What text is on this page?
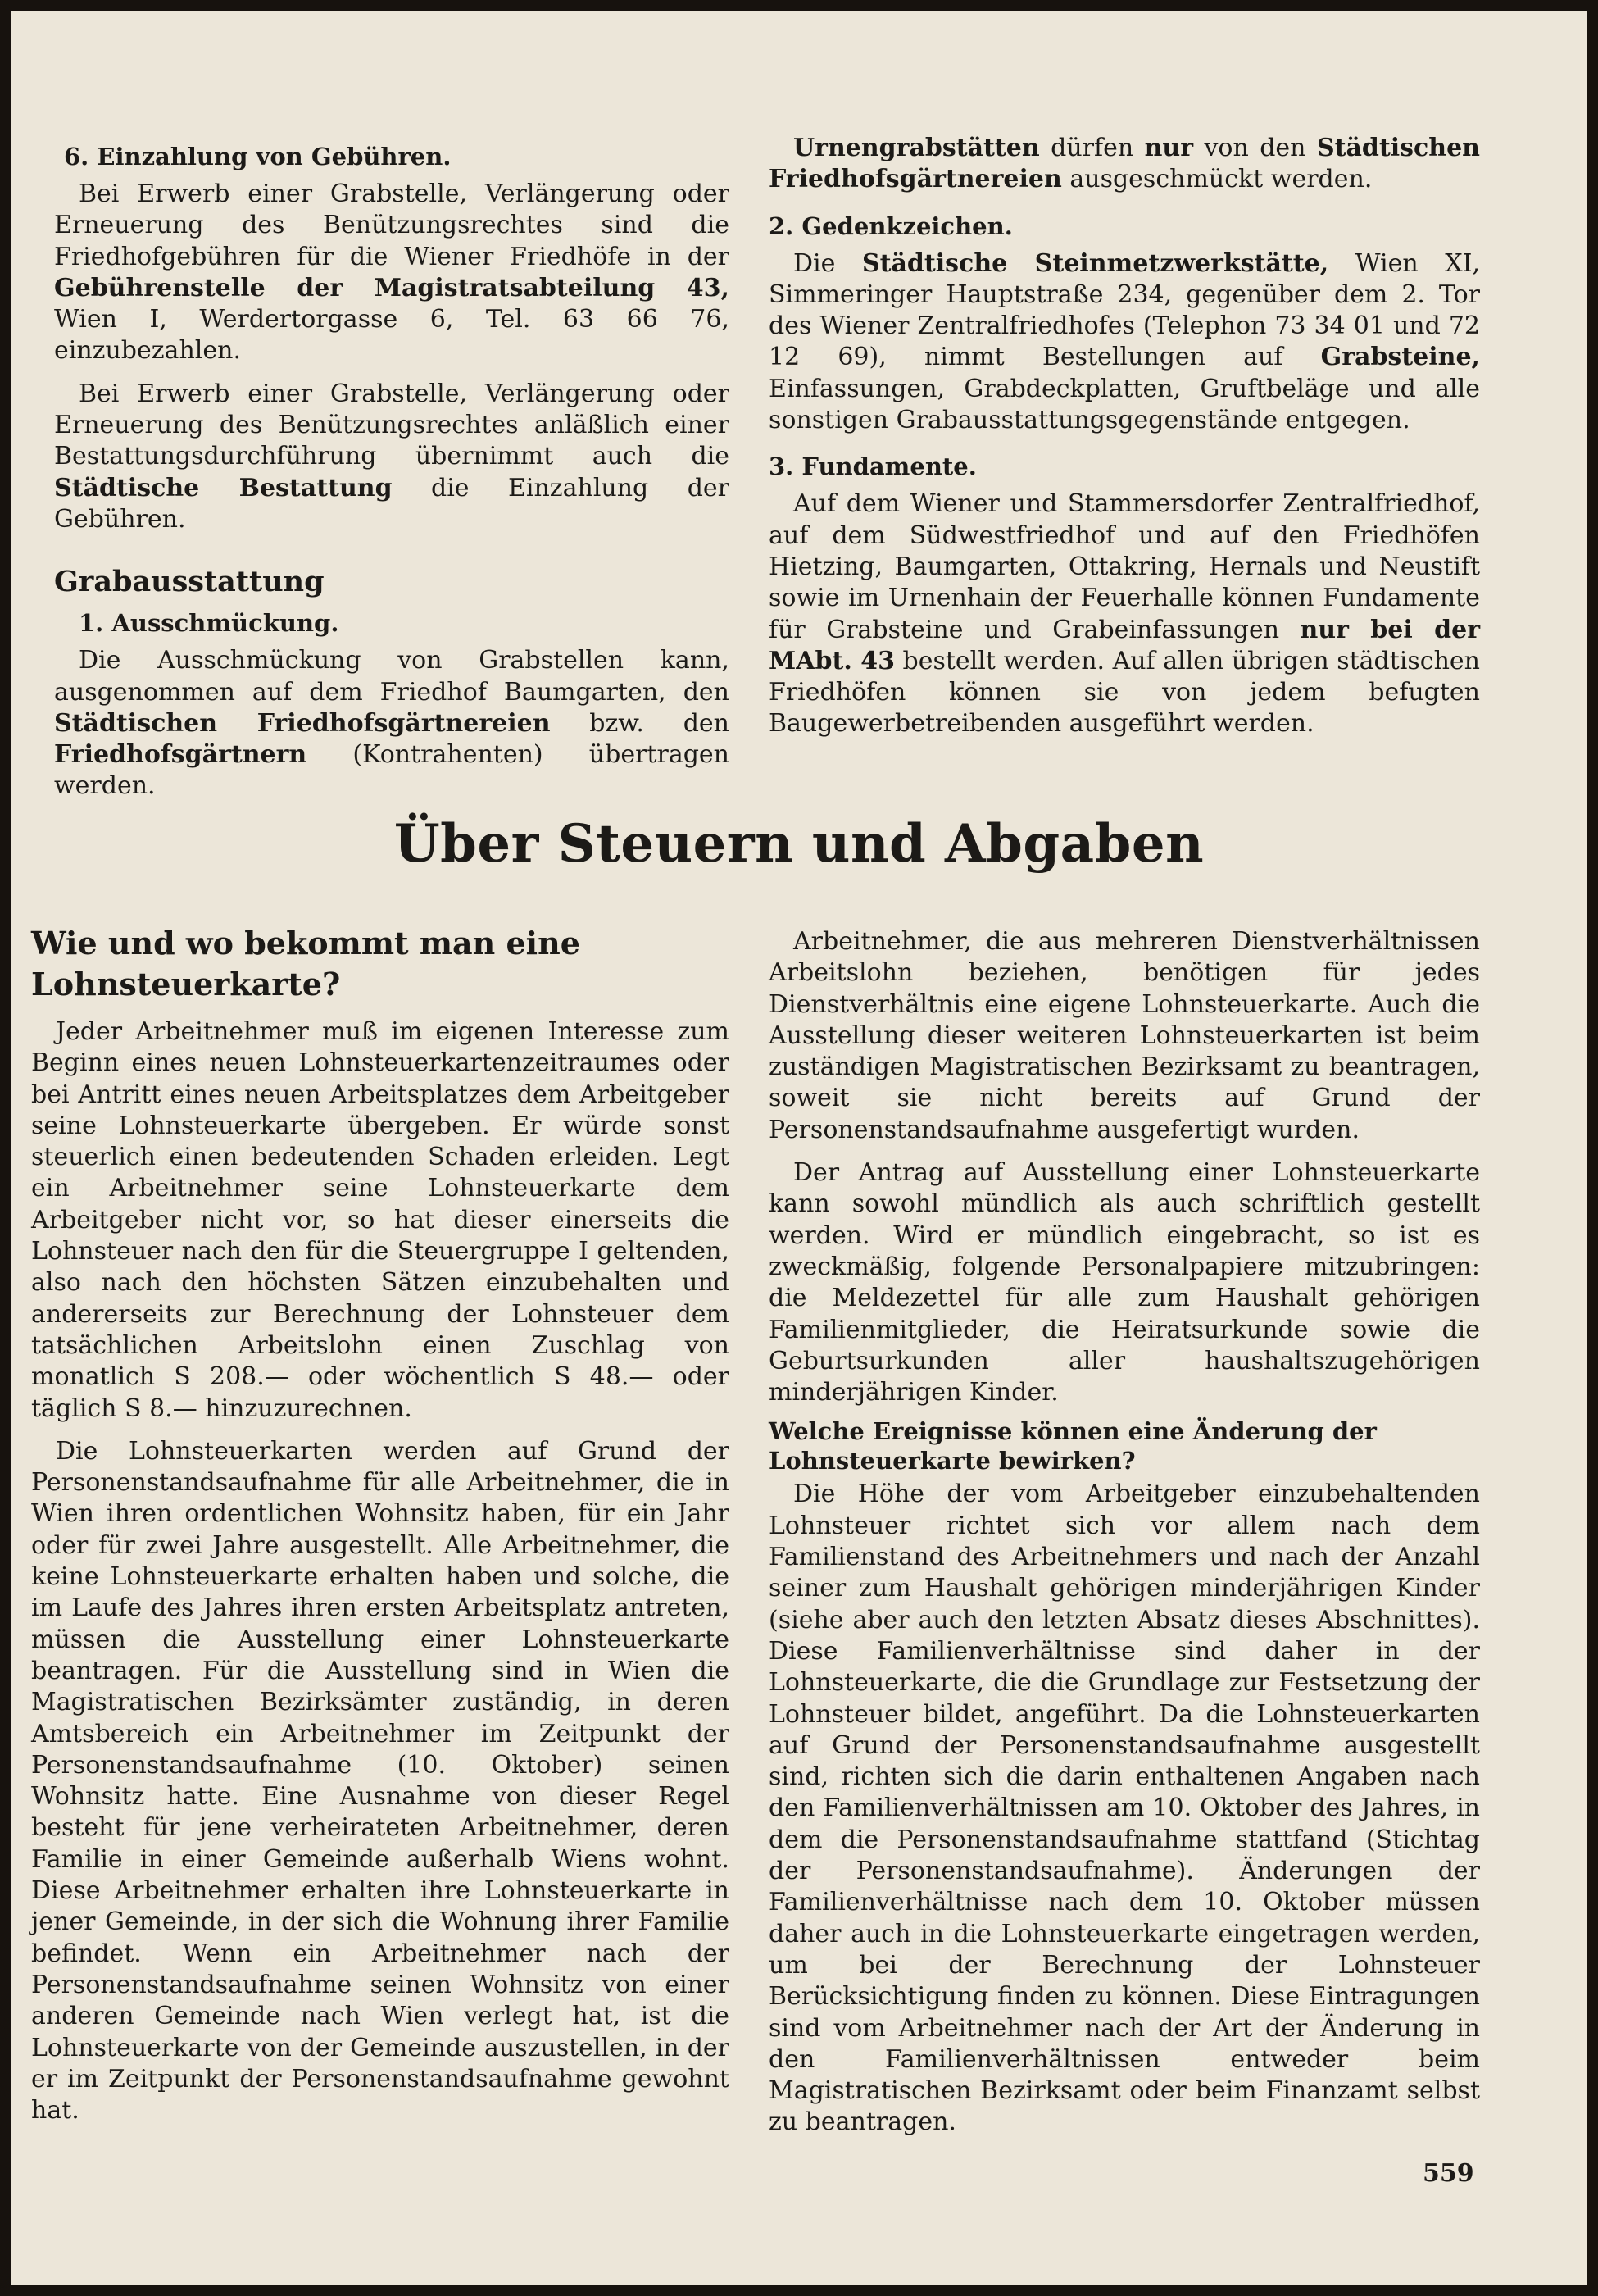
6. Einzahlung von Gebühren.

Bei Erwerb einer Grabstelle, Verlängerung oder Erneuerung des Benützungsrechtes sind die Friedhofgebühren für die Wiener Friedhöfe in der Gebührenstelle der Magistratsabteilung 43, Wien I, Werdertorgasse 6, Tel. 63 66 76, einzubezahlen.

Bei Erwerb einer Grabstelle, Verlängerung oder Erneuerung des Benützungsrechtes anläßlich einer Bestattungsdurchführung übernimmt auch die Städtische Bestattung die Einzahlung der Gebühren.

Grabausstattung
1. Ausschmückung.

Die Ausschmückung von Grabstellen kann, ausgenommen auf dem Friedhof Baumgarten, den Städtischen Friedhofsgärtnereien bzw. den Friedhofsgärtnern (Kontrahenten) übertragen werden.

Urnengrabstätten dürfen nur von den Städtischen Friedhofsgärtnereien ausgeschmückt werden.

2. Gedenkzeichen.

Die Städtische Steinmetzwerkstätte, Wien XI, Simmeringer Hauptstraße 234, gegenüber dem 2. Tor des Wiener Zentralfriedhofes (Telephon 73 34 01 und 72 12 69), nimmt Bestellungen auf Grabsteine, Einfassungen, Grabdeckplatten, Gruftbeläge und alle sonstigen Grabausstattungsgegenstände entgegen.

3. Fundamente.

Auf dem Wiener und Stammersdorfer Zentralfriedhof, auf dem Südwestfriedhof und auf den Friedhöfen Hietzing, Baumgarten, Ottakring, Hernals und Neustift sowie im Urnenhain der Feuerhalle können Fundamente für Grabsteine und Grabeinfassungen nur bei der MAbt. 43 bestellt werden. Auf allen übrigen städtischen Friedhöfen können sie von jedem befugten Baugewerbetreibenden ausgeführt werden.

Über Steuern und Abgaben
Wie und wo bekommt man eine Lohnsteuerkarte?

Jeder Arbeitnehmer muß im eigenen Interesse zum Beginn eines neuen Lohnsteuerkartenzeitraumes oder bei Antritt eines neuen Arbeitsplatzes dem Arbeitgeber seine Lohnsteuerkarte übergeben. Er würde sonst steuerlich einen bedeutenden Schaden erleiden. Legt ein Arbeitnehmer seine Lohnsteuerkarte dem Arbeitgeber nicht vor, so hat dieser einerseits die Lohnsteuer nach den für die Steuergruppe I geltenden, also nach den höchsten Sätzen einzubehalten und andererseits zur Berechnung der Lohnsteuer dem tatsächlichen Arbeitslohn einen Zuschlag von monatlich S 208.— oder wöchentlich S 48.— oder täglich S 8.— hinzuzurechnen.

Die Lohnsteuerkarten werden auf Grund der Personenstandsaufnahme für alle Arbeitnehmer, die in Wien ihren ordentlichen Wohnsitz haben, für ein Jahr oder für zwei Jahre ausgestellt. Alle Arbeitnehmer, die keine Lohnsteuerkarte erhalten haben und solche, die im Laufe des Jahres ihren ersten Arbeitsplatz antreten, müssen die Ausstellung einer Lohnsteuerkarte beantragen. Für die Ausstellung sind in Wien die Magistratischen Bezirksämter zuständig, in deren Amtsbereich ein Arbeitnehmer im Zeitpunkt der Personenstandsaufnahme (10. Oktober) seinen Wohnsitz hatte. Eine Ausnahme von dieser Regel besteht für jene verheirateten Arbeitnehmer, deren Familie in einer Gemeinde außerhalb Wiens wohnt. Diese Arbeitnehmer erhalten ihre Lohnsteuerkarte in jener Gemeinde, in der sich die Wohnung ihrer Familie befindet. Wenn ein Arbeitnehmer nach der Personenstandsaufnahme seinen Wohnsitz von einer anderen Gemeinde nach Wien verlegt hat, ist die Lohnsteuerkarte von der Gemeinde auszustellen, in der er im Zeitpunkt der Personenstandsaufnahme gewohnt hat.

Arbeitnehmer, die aus mehreren Dienstverhältnissen Arbeitslohn beziehen, benötigen für jedes Dienstverhältnis eine eigene Lohnsteuerkarte. Auch die Ausstellung dieser weiteren Lohnsteuerkarten ist beim zuständigen Magistratischen Bezirksamt zu beantragen, soweit sie nicht bereits auf Grund der Personenstandsaufnahme ausgefertigt wurden.

Der Antrag auf Ausstellung einer Lohnsteuerkarte kann sowohl mündlich als auch schriftlich gestellt werden. Wird er mündlich eingebracht, so ist es zweckmäßig, folgende Personalpapiere mitzubringen: die Meldezettel für alle zum Haushalt gehörigen Familienmitglieder, die Heiratsurkunde sowie die Geburtsurkunden aller haushaltszugehörigen minderjährigen Kinder.

Welche Ereignisse können eine Änderung der Lohnsteuerkarte bewirken?

Die Höhe der vom Arbeitgeber einzubehaltenden Lohnsteuer richtet sich vor allem nach dem Familienstand des Arbeitnehmers und nach der Anzahl seiner zum Haushalt gehörigen minderjährigen Kinder (siehe aber auch den letzten Absatz dieses Abschnittes). Diese Familienverhältnisse sind daher in der Lohnsteuerkarte, die die Grundlage zur Festsetzung der Lohnsteuer bildet, angeführt. Da die Lohnsteuerkarten auf Grund der Personenstandsaufnahme ausgestellt sind, richten sich die darin enthaltenen Angaben nach den Familienverhältnissen am 10. Oktober des Jahres, in dem die Personenstandsaufnahme stattfand (Stichtag der Personenstandsaufnahme). Änderungen der Familienverhältnisse nach dem 10. Oktober müssen daher auch in die Lohnsteuerkarte eingetragen werden, um bei der Berechnung der Lohnsteuer Berücksichtigung finden zu können. Diese Eintragungen sind vom Arbeitnehmer nach der Art der Änderung in den Familienverhältnissen entweder beim Magistratischen Bezirksamt oder beim Finanzamt selbst zu beantragen.

559
